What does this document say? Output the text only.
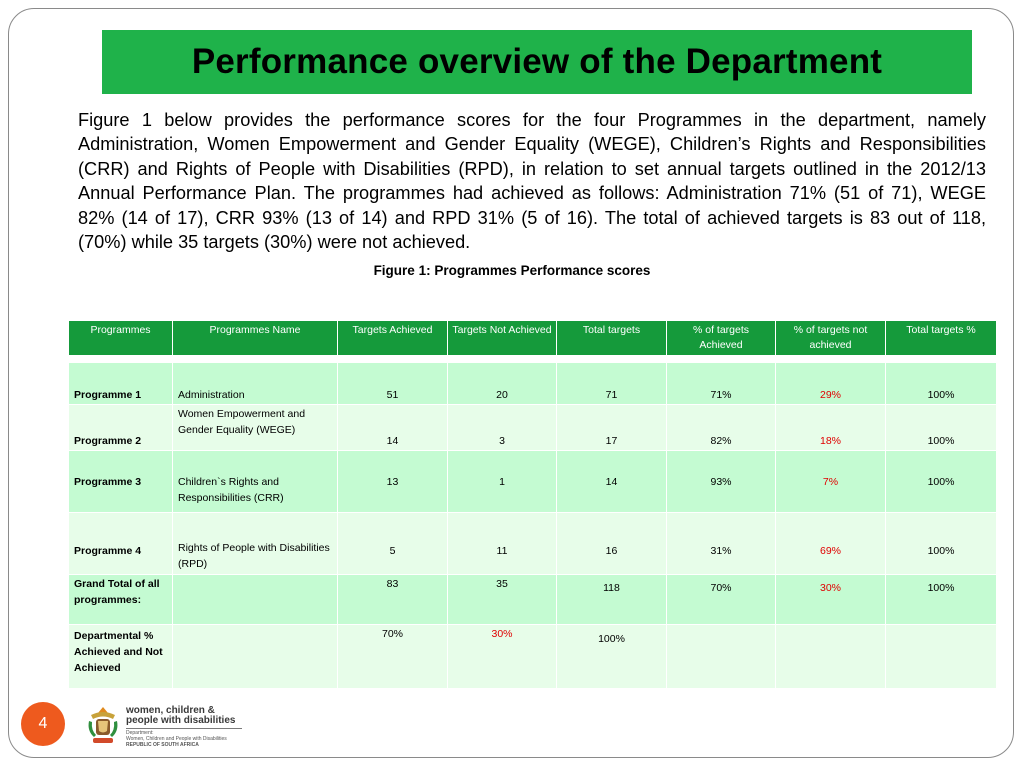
Performance overview of the Department

Figure 1 below provides the performance scores for the four Programmes in the department, namely Administration, Women Empowerment and Gender Equality (WEGE), Children’s Rights and Responsibilities (CRR) and Rights of People with Disabilities (RPD), in relation to set annual targets outlined in the 2012/13 Annual Performance Plan. The programmes had achieved as follows: Administration 71% (51 of 71), WEGE 82% (14 of 17), CRR 93% (13 of 14) and RPD 31% (5 of 16). The total of achieved targets is 83 out of 118, (70%) while 35 targets (30%) were not achieved.

Figure 1: Programmes Performance scores
Programmes	Programmes Name	Targets Achieved	Targets Not Achieved	Total targets	% of targets Achieved	% of targets not achieved	Total targets %

Programme 1	Administration	51	20	71	71%	29%	100%
Programme 2	Women Empowerment and Gender Equality (WEGE)	14	3	17	82%	18%	100%
Programme 3	Children`s Rights and Responsibilities (CRR)	13	1	14	93%	7%	100%
Programme 4	Rights of People with Disabilities (RPD)	5	11	16	31%	69%	100%
Grand Total of all programmes:		83	35	118	70%	30%	100%
Departmental % Achieved and Not Achieved		70%	30%	100%			
4
women, children &
people with disabilities
Department:
Women, Children and People with Disabilities
REPUBLIC OF SOUTH AFRICA
